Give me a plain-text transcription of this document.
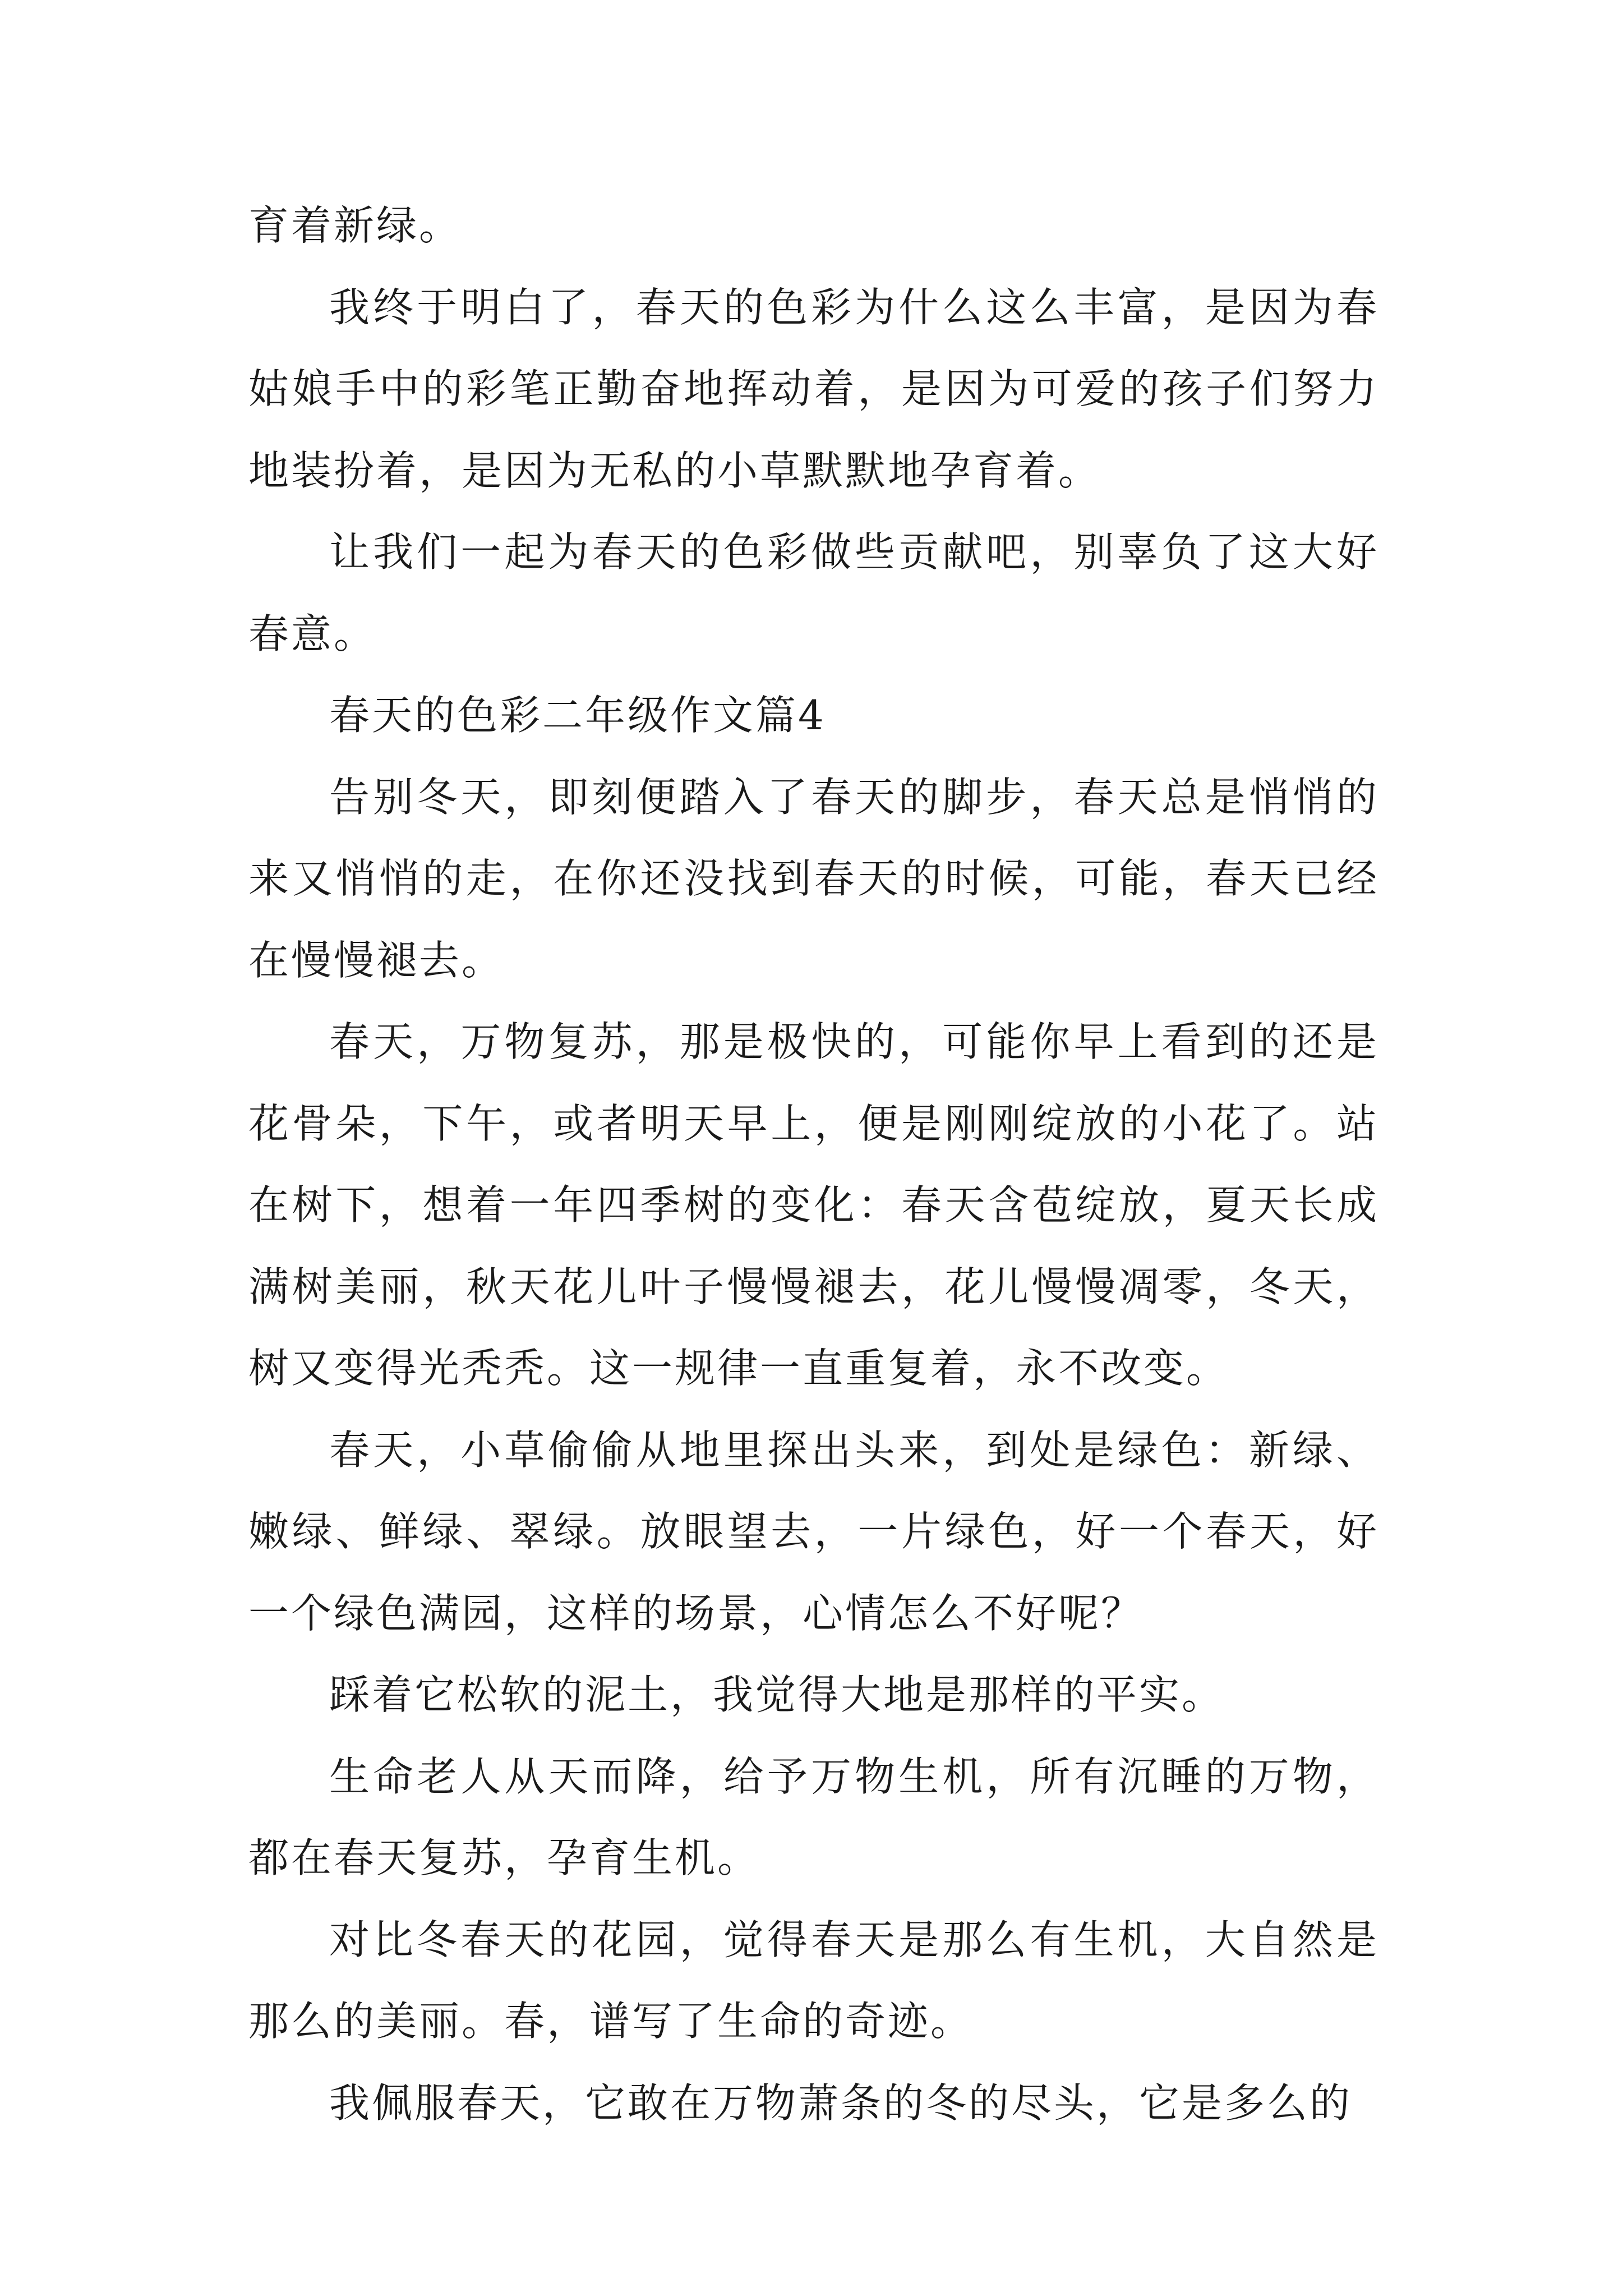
育着新绿。

我终于明白了，春天的色彩为什么这么丰富，是因为春姑娘手中的彩笔正勤奋地挥动着，是因为可爱的孩子们努力地装扮着，是因为无私的小草默默地孕育着。

让我们一起为春天的色彩做些贡献吧，别辜负了这大好春意。

春天的色彩二年级作文篇4

告别冬天，即刻便踏入了春天的脚步，春天总是悄悄的来又悄悄的走，在你还没找到春天的时候，可能，春天已经在慢慢褪去。

春天，万物复苏，那是极快的，可能你早上看到的还是花骨朵，下午，或者明天早上，便是刚刚绽放的小花了。站在树下，想着一年四季树的变化：春天含苞绽放，夏天长成满树美丽，秋天花儿叶子慢慢褪去，花儿慢慢凋零，冬天，树又变得光秃秃。这一规律一直重复着，永不改变。

春天，小草偷偷从地里探出头来，到处是绿色：新绿、嫩绿、鲜绿、翠绿。放眼望去，一片绿色，好一个春天，好一个绿色满园，这样的场景，心情怎么不好呢？

踩着它松软的泥土，我觉得大地是那样的平实。

生命老人从天而降，给予万物生机，所有沉睡的万物，都在春天复苏，孕育生机。

对比冬春天的花园，觉得春天是那么有生机，大自然是那么的美丽。春，谱写了生命的奇迹。

我佩服春天，它敢在万物萧条的冬的尽头，它是多么的
